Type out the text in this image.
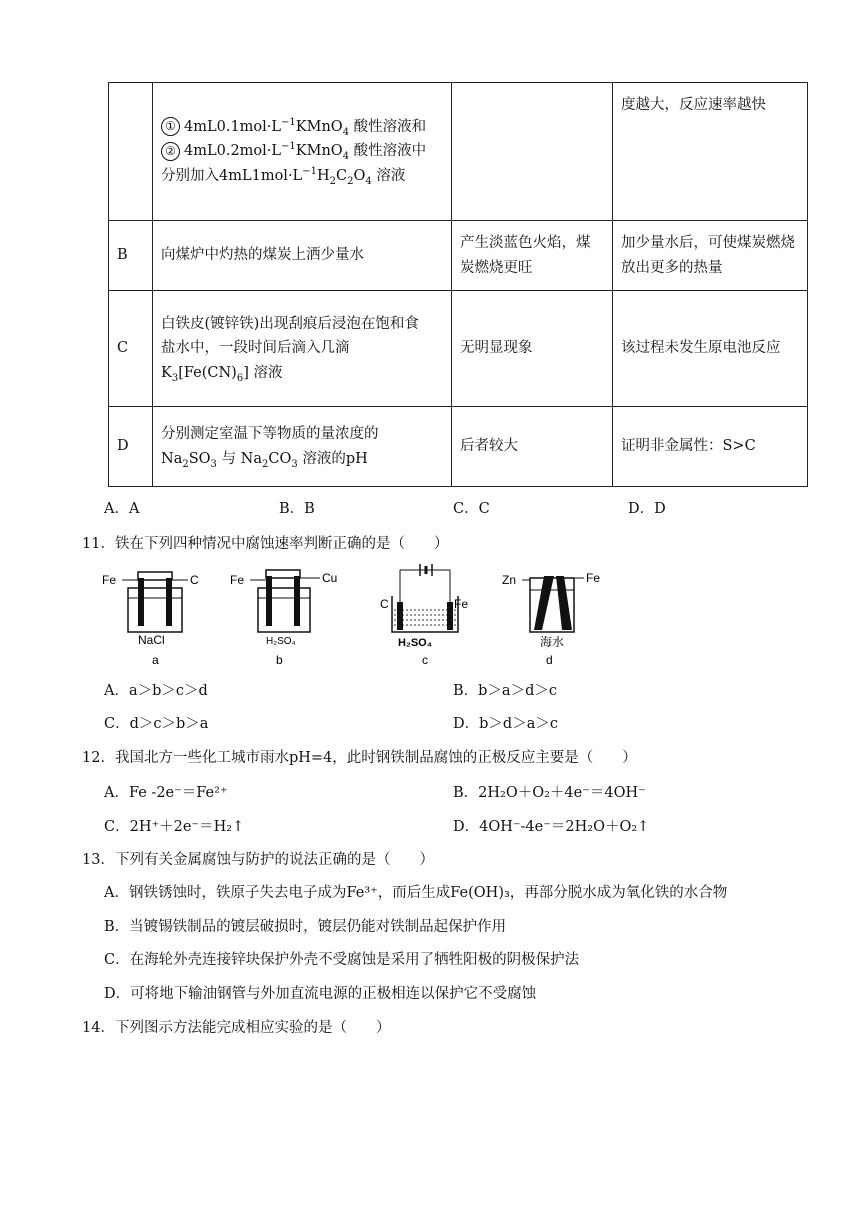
	① $4mL0.1mol\cdot L^{-1}KMnO_4$ 酸性溶液和
② $4mL0.2mol\cdot L^{-1}KMnO_4$ 酸性溶液中
分别加入$4mL1mol\cdot L^{-1}H_2C_2O_4$ 溶液		度越大，反应速率越快
B	向煤炉中灼热的煤炭上洒少量水	产生淡蓝色火焰，煤炭燃烧更旺	加少量水后，可使煤炭燃烧放出更多的热量
C	白铁皮(镀锌铁)出现刮痕后浸泡在饱和食
盐水中，一段时间后滴入几滴
$K_3[Fe(CN)_6]$ 溶液	无明显现象	该过程未发生原电池反应
D	分别测定室温下等物质的量浓度的
$Na_2SO_3$ 与 $Na_2CO_3$ 溶液的pH	后者较大	证明非金属性：S>C
A．A	B．B	C．C	D．D
11．铁在下列四种情况中腐蚀速率判断正确的是（　　）
Fe	C
NaCl
a
Fe	Cu
H₂SO₄
b
C	Fe
H₂SO₄
c
Zn	Fe
海水
d
A．a＞b＞c＞d	B．b＞a＞d＞c
C．d＞c＞b＞a	D．b＞d＞a＞c
12．我国北方一些化工城市雨水pH=4，此时钢铁制品腐蚀的正极反应主要是（　　）
A．Fe -2e⁻＝Fe²⁺	B．2H₂O＋O₂＋4e⁻＝4OH⁻
C．2H⁺＋2e⁻＝H₂↑	D．4OH⁻-4e⁻＝2H₂O＋O₂↑
13．下列有关金属腐蚀与防护的说法正确的是（　　）
A．钢铁锈蚀时，铁原子失去电子成为Fe³⁺，而后生成Fe(OH)₃，再部分脱水成为氧化铁的水合物
B．当镀锡铁制品的镀层破损时，镀层仍能对铁制品起保护作用
C．在海轮外壳连接锌块保护外壳不受腐蚀是采用了牺牲阳极的阴极保护法
D．可将地下输油钢管与外加直流电源的正极相连以保护它不受腐蚀
14．下列图示方法能完成相应实验的是（　　）
